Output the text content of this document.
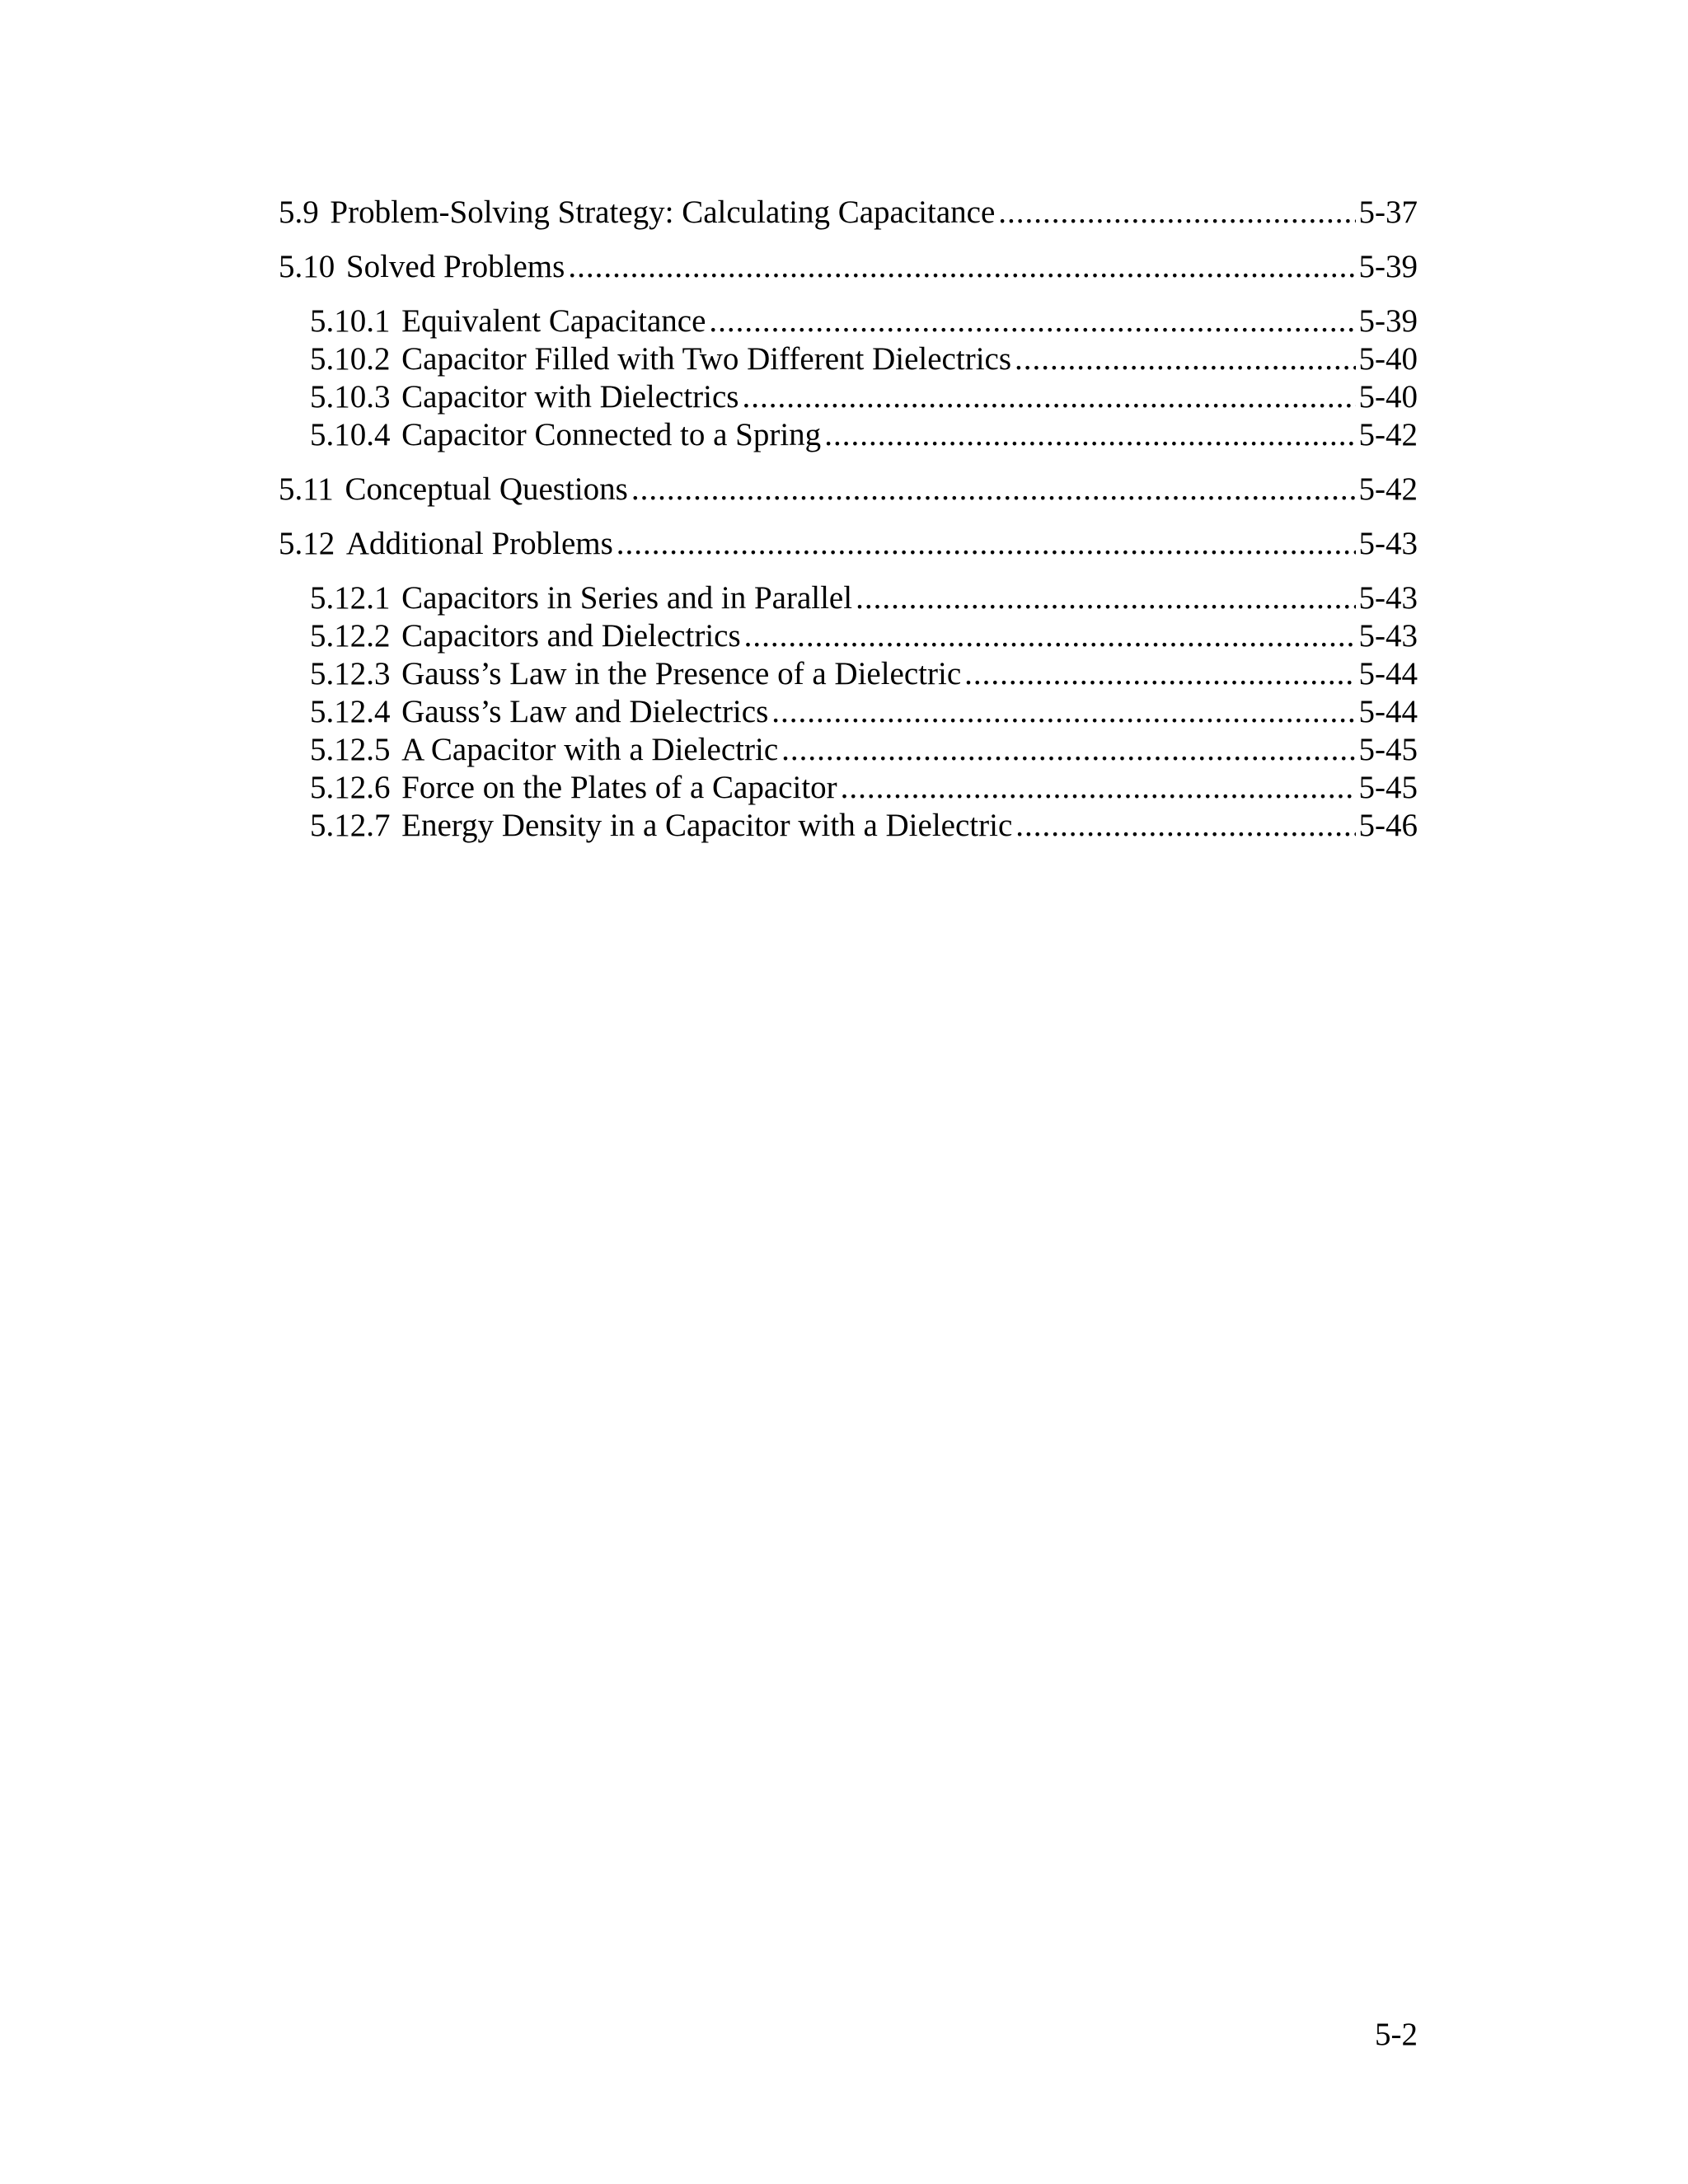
5.9 Problem-Solving Strategy: Calculating Capacitance .....	5-37
5.10 Solved Problems .....	5-39
5.10.1 Equivalent Capacitance .....	5-39
5.10.2 Capacitor Filled with Two Different Dielectrics .....	5-40
5.10.3 Capacitor with Dielectrics .....	5-40
5.10.4 Capacitor Connected to a Spring .....	5-42
5.11 Conceptual Questions .....	5-42
5.12 Additional Problems .....	5-43
5.12.1 Capacitors in Series and in Parallel .....	5-43
5.12.2 Capacitors and Dielectrics .....	5-43
5.12.3 Gauss’s Law in the Presence of a Dielectric .....	5-44
5.12.4 Gauss’s Law and Dielectrics .....	5-44
5.12.5 A Capacitor with a Dielectric .....	5-45
5.12.6 Force on the Plates of a Capacitor .....	5-45
5.12.7 Energy Density in a Capacitor with a Dielectric .....	5-46
5-2
